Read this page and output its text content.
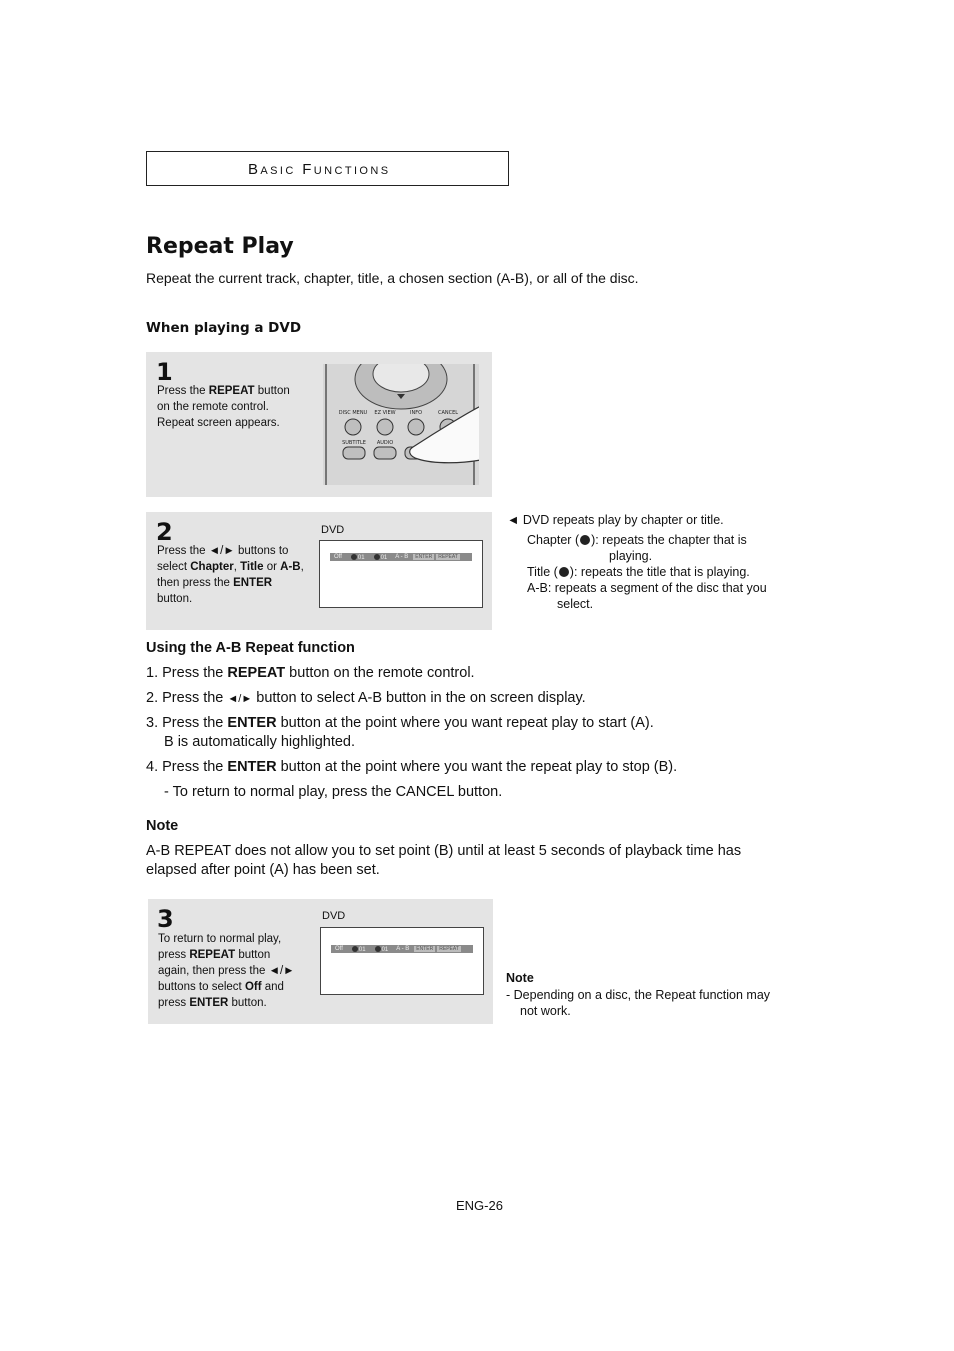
Basic Functions
Repeat Play
Repeat the current track, chapter, title, a chosen section (A-B), or all of the disc.
When playing a DVD
1
Press the REPEAT button
on the remote control.
Repeat screen appears.
DISC MENU EZ VIEW	INFO	CANCEL
SUBTITLE AUDIO
2
Press the ◄/► buttons to
select Chapter, Title or A-B,
then press the ENTER
button.
DVD
Off	01	01	A - B	ENTER	REPEAT
◄ DVD repeats play by chapter or title.
Chapter ( ): repeats the chapter that is
playing.
Title ( ): repeats the title that is playing.
A-B: repeats a segment of the disc that you
select.
Using the A-B Repeat function
1. Press the REPEAT button on the remote control.
2. Press the ◄/► button to select A-B button in the on screen display.
3. Press the ENTER button at the point where you want repeat play to start (A).
B is automatically highlighted.
4. Press the ENTER button at the point where you want the repeat play to stop (B).
- To return to normal play, press the CANCEL button.
Note
A-B REPEAT does not allow you to set point (B) until at least 5 seconds of playback time has
elapsed after point (A) has been set.
3
To return to normal play,
press REPEAT button
again, then press the ◄/►
buttons to select Off and
press ENTER button.
DVD
Off	01	01	A - B	ENTER	REPEAT
Note
- Depending on a disc, the Repeat function may
not work.
ENG-26
